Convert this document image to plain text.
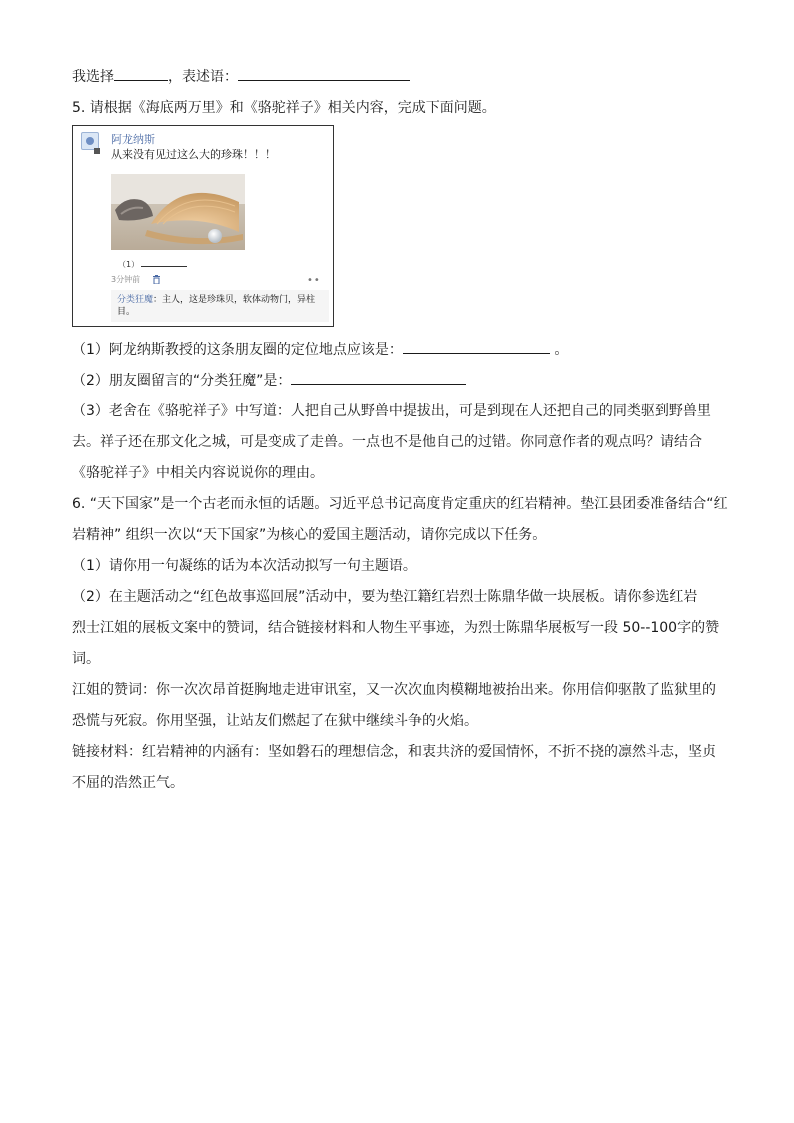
我选择	，表述语：
5. 请根据《海底两万里》和《骆驼祥子》相关内容，完成下面问题。
阿龙纳斯
从来没有见过这么大的珍珠！！！
（1）
3分钟前	••
分类狂魔：主人，这是珍珠贝，软体动物门，异柱目。
（1）阿龙纳斯教授的这条朋友圈的定位地点应该是：	。
（2）朋友圈留言的“分类狂魔”是：
（3）老舍在《骆驼祥子》中写道：人把自己从野兽中提拔出，可是到现在人还把自己的同类驱到野兽里
去。祥子还在那文化之城，可是变成了走兽。一点也不是他自己的过错。你同意作者的观点吗？请结合
《骆驼祥子》中相关内容说说你的理由。
6. “天下国家”是一个古老而永恒的话题。习近平总书记高度肯定重庆的红岩精神。垫江县团委准备结合“红
岩精神” 组织一次以“天下国家”为核心的爱国主题活动，请你完成以下任务。
（1）请你用一句凝练的话为本次活动拟写一句主题语。
（2）在主题活动之“红色故事巡回展”活动中，要为垫江籍红岩烈士陈鼎华做一块展板。请你参选红岩
烈士江姐的展板文案中的赞词，结合链接材料和人物生平事迹，为烈士陈鼎华展板写一段 50--100字的赞
词。
江姐的赞词：你一次次昂首挺胸地走进审讯室，又一次次血肉模糊地被抬出来。你用信仰驱散了监狱里的
恐慌与死寂。你用坚强，让站友们燃起了在狱中继续斗争的火焰。
链接材料：红岩精神的内涵有：坚如磐石的理想信念，和衷共济的爱国情怀，不折不挠的凛然斗志，坚贞
不屈的浩然正气。
